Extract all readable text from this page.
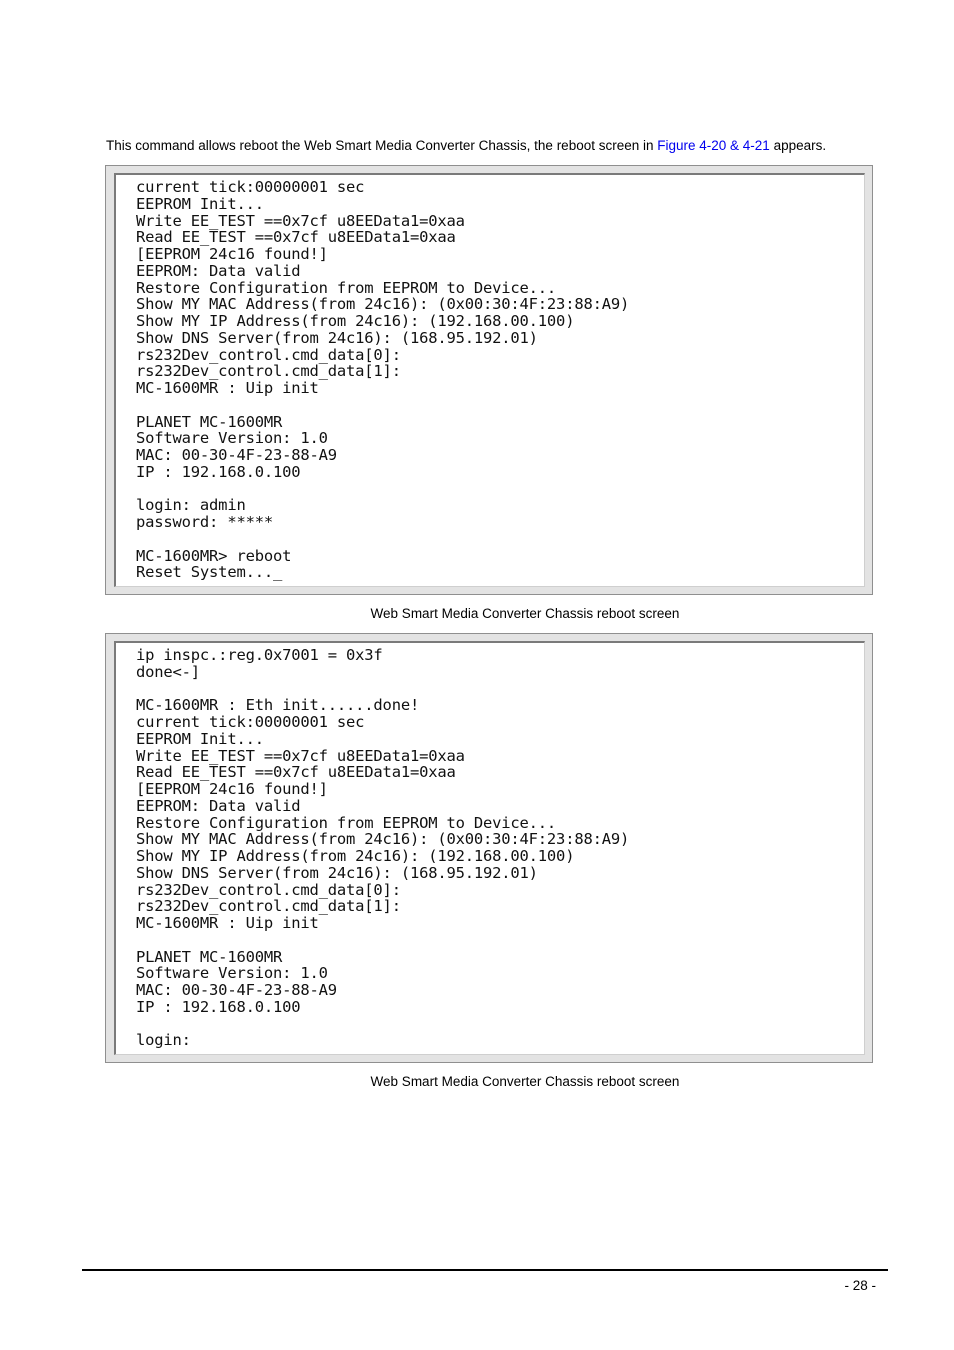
This command allows reboot the Web Smart Media Converter Chassis, the reboot screen in Figure 4-20 & 4-21 appears.

current tick:00000001 sec
EEPROM Init...
Write EE_TEST ==0x7cf u8EEData1=0xaa
Read EE_TEST ==0x7cf u8EEData1=0xaa
[EEPROM 24c16 found!]
EEPROM: Data valid
Restore Configuration from EEPROM to Device...
Show MY MAC Address(from 24c16): (0x00:30:4F:23:88:A9)
Show MY IP Address(from 24c16): (192.168.00.100)
Show DNS Server(from 24c16): (168.95.192.01)
rs232Dev_control.cmd_data[0]:
rs232Dev_control.cmd_data[1]:
MC-1600MR : Uip init
PLANET MC-1600MR
Software Version: 1.0
MAC: 00-30-4F-23-88-A9
IP : 192.168.0.100
login: admin
password: *****
MC-1600MR> reboot
Reset System..._
Web Smart Media Converter Chassis reboot screen
ip inspc.:reg.0x7001 = 0x3f
done<-]
MC-1600MR : Eth init......done!
current tick:00000001 sec
EEPROM Init...
Write EE_TEST ==0x7cf u8EEData1=0xaa
Read EE_TEST ==0x7cf u8EEData1=0xaa
[EEPROM 24c16 found!]
EEPROM: Data valid
Restore Configuration from EEPROM to Device...
Show MY MAC Address(from 24c16): (0x00:30:4F:23:88:A9)
Show MY IP Address(from 24c16): (192.168.00.100)
Show DNS Server(from 24c16): (168.95.192.01)
rs232Dev_control.cmd_data[0]:
rs232Dev_control.cmd_data[1]:
MC-1600MR : Uip init
PLANET MC-1600MR
Software Version: 1.0
MAC: 00-30-4F-23-88-A9
IP : 192.168.0.100
login:
Web Smart Media Converter Chassis reboot screen
- 28 -
